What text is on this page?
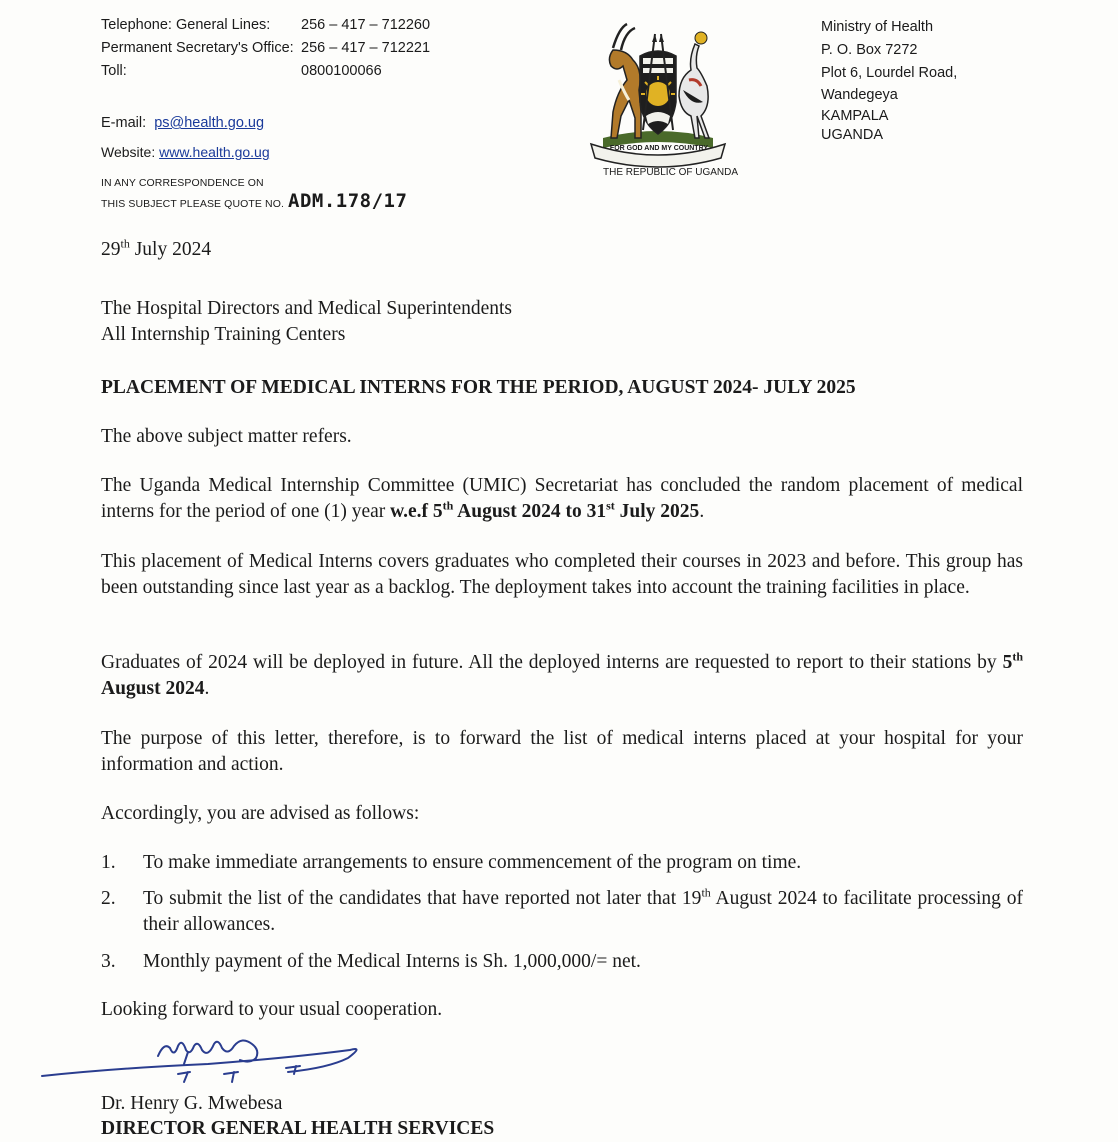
Telephone: General Lines: 256 – 417 – 712260
Permanent Secretary's Office: 256 – 417 – 712221
Toll:	0800100066
E-mail: ps@health.go.ug
Website: www.health.go.ug
IN ANY CORRESPONDENCE ON
THIS SUBJECT PLEASE QUOTE NO. ADM.178/17
FOR GOD AND MY COUNTRY
THE REPUBLIC OF UGANDA
Ministry of Health
P. O. Box 7272
Plot 6, Lourdel Road,
Wandegeya
KAMPALA
UGANDA
29th July 2024
The Hospital Directors and Medical Superintendents
All Internship Training Centers
PLACEMENT OF MEDICAL INTERNS FOR THE PERIOD, AUGUST 2024- JULY 2025
The above subject matter refers.
The Uganda Medical Internship Committee (UMIC) Secretariat has concluded the random placement of medical interns for the period of one (1) year w.e.f 5th August 2024 to 31st July 2025.
This placement of Medical Interns covers graduates who completed their courses in 2023 and before. This group has been outstanding since last year as a backlog. The deployment takes into account the training facilities in place.
Graduates of 2024 will be deployed in future. All the deployed interns are requested to report to their stations by 5th August 2024.
The purpose of this letter, therefore, is to forward the list of medical interns placed at your hospital for your information and action.
Accordingly, you are advised as follows:
1. To make immediate arrangements to ensure commencement of the program on time.
2. To submit the list of the candidates that have reported not later that 19th August 2024 to facilitate processing of their allowances.
3. Monthly payment of the Medical Interns is Sh. 1,000,000/= net.
Looking forward to your usual cooperation.
Dr. Henry G. Mwebesa
DIRECTOR GENERAL HEALTH SERVICES
